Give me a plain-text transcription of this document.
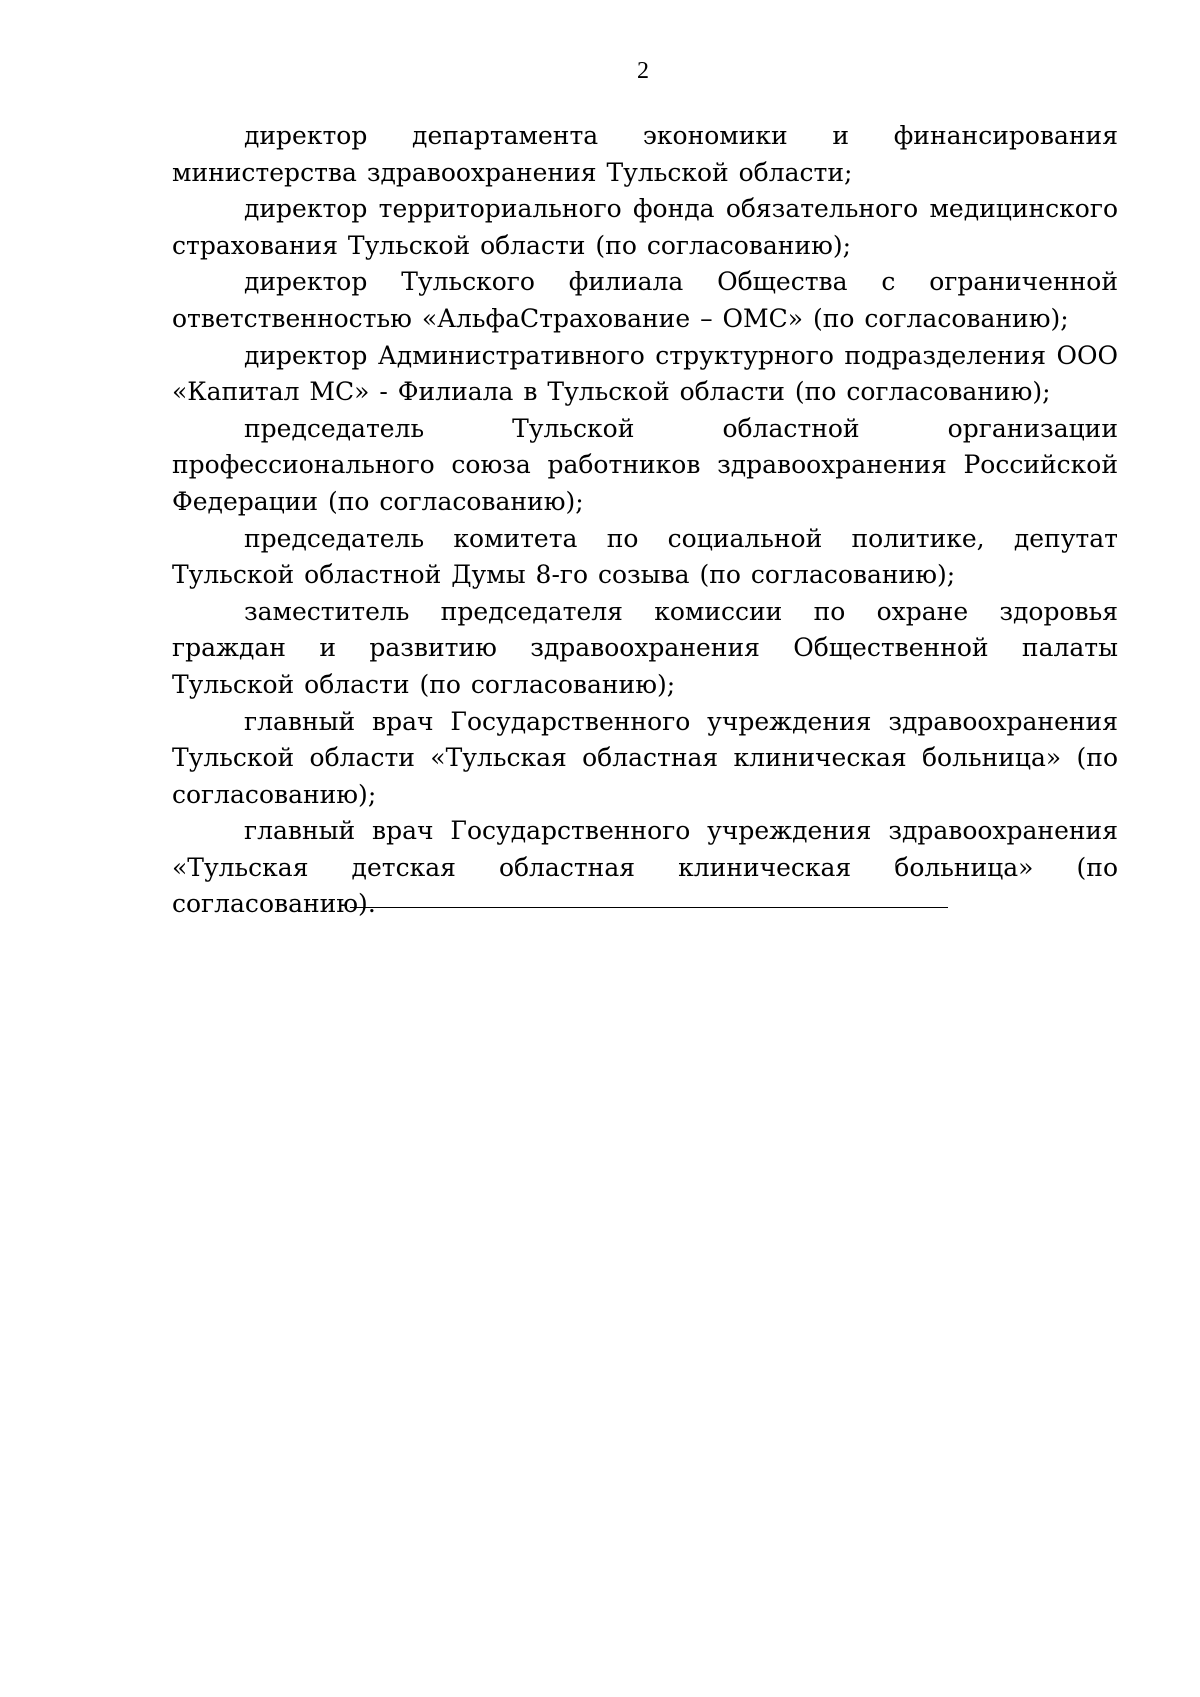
2

директор департамента экономики и финансирования министерства здравоохранения Тульской области;

директор территориального фонда обязательного медицинского страхования Тульской области (по согласованию);

директор Тульского филиала Общества с ограниченной ответственностью «АльфаСтрахование – ОМС» (по согласованию);

директор Административного структурного подразделения ООО «Капитал МС» - Филиала в Тульской области (по согласованию);

председатель Тульской областной организации профессионального союза работников здравоохранения Российской Федерации (по согласованию);

председатель комитета по социальной политике, депутат Тульской областной Думы 8-го созыва (по согласованию);

заместитель председателя комиссии по охране здоровья граждан и развитию здравоохранения Общественной палаты Тульской области (по согласованию);

главный врач Государственного учреждения здравоохранения Тульской области «Тульская областная клиническая больница» (по согласованию);

главный врач Государственного учреждения здравоохранения «Тульская детская областная клиническая больница» (по согласованию).
